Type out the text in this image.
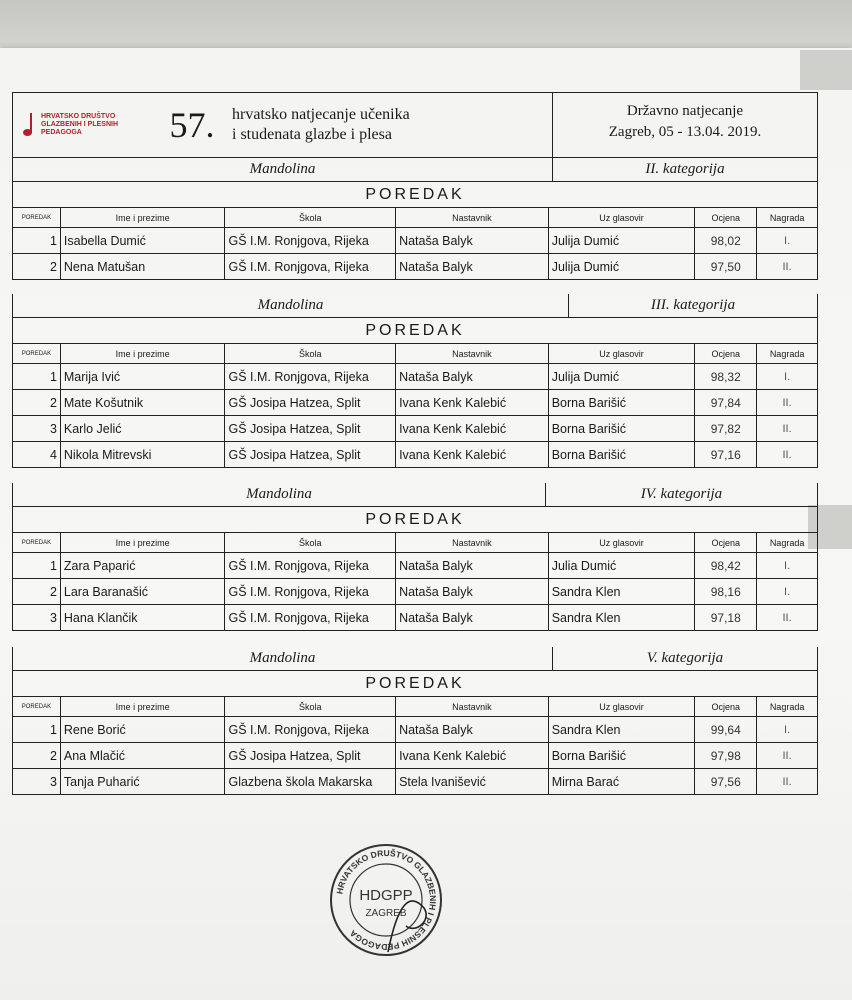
HRVATSKO DRUŠTVO
GLAZBENIH I PLESNIH
PEDAGOGA	57.	hrvatsko natjecanje učenika
i studenata glazbe i plesa
Državno natjecanje
Zagreb, 05 - 13.04. 2019.
Mandolina	II. kategorija
POREDAK
POREDAK	Ime i prezime	Škola	Nastavnik	Uz glasovir	Ocjena	Nagrada
1 Isabella Dumić	GŠ I.M. Ronjgova, Rijeka	Nataša Balyk	Julija Dumić	98,02	I.
2 Nena Matušan	GŠ I.M. Ronjgova, Rijeka	Nataša Balyk	Julija Dumić	97,50	II.
Mandolina	III. kategorija
POREDAK
POREDAK	Ime i prezime	Škola	Nastavnik	Uz glasovir	Ocjena	Nagrada
1 Marija Ivić	GŠ I.M. Ronjgova, Rijeka	Nataša Balyk	Julija Dumić	98,32	I.
2 Mate Košutnik	GŠ Josipa Hatzea, Split	Ivana Kenk Kalebić	Borna Barišić	97,84	II.
3 Karlo Jelić	GŠ Josipa Hatzea, Split	Ivana Kenk Kalebić	Borna Barišić	97,82	II.
4 Nikola Mitrevski	GŠ Josipa Hatzea, Split	Ivana Kenk Kalebić	Borna Barišić	97,16	II.
Mandolina	IV. kategorija
POREDAK
POREDAK	Ime i prezime	Škola	Nastavnik	Uz glasovir	Ocjena	Nagrada
1 Zara Paparić	GŠ I.M. Ronjgova, Rijeka	Nataša Balyk	Julia Dumić	98,42	I.
2 Lara Baranašić	GŠ I.M. Ronjgova, Rijeka	Nataša Balyk	Sandra Klen	98,16	I.
3 Hana Klančik	GŠ I.M. Ronjgova, Rijeka	Nataša Balyk	Sandra Klen	97,18	II.
Mandolina	V. kategorija
POREDAK
POREDAK	Ime i prezime	Škola	Nastavnik	Uz glasovir	Ocjena	Nagrada
1 Rene Borić	GŠ I.M. Ronjgova, Rijeka	Nataša Balyk	Sandra Klen	99,64	I.
2 Ana Mlačić	GŠ Josipa Hatzea, Split	Ivana Kenk Kalebić	Borna Barišić	97,98	II.
3 Tanja Puharić	Glazbena škola Makarska	Stela Ivanišević	Mirna Barać	97,56	II.
HRVATSKO DRUŠTVO GLAZBENIH I PLESNIH PEDAGOGA
HDGPP
ZAGREB
